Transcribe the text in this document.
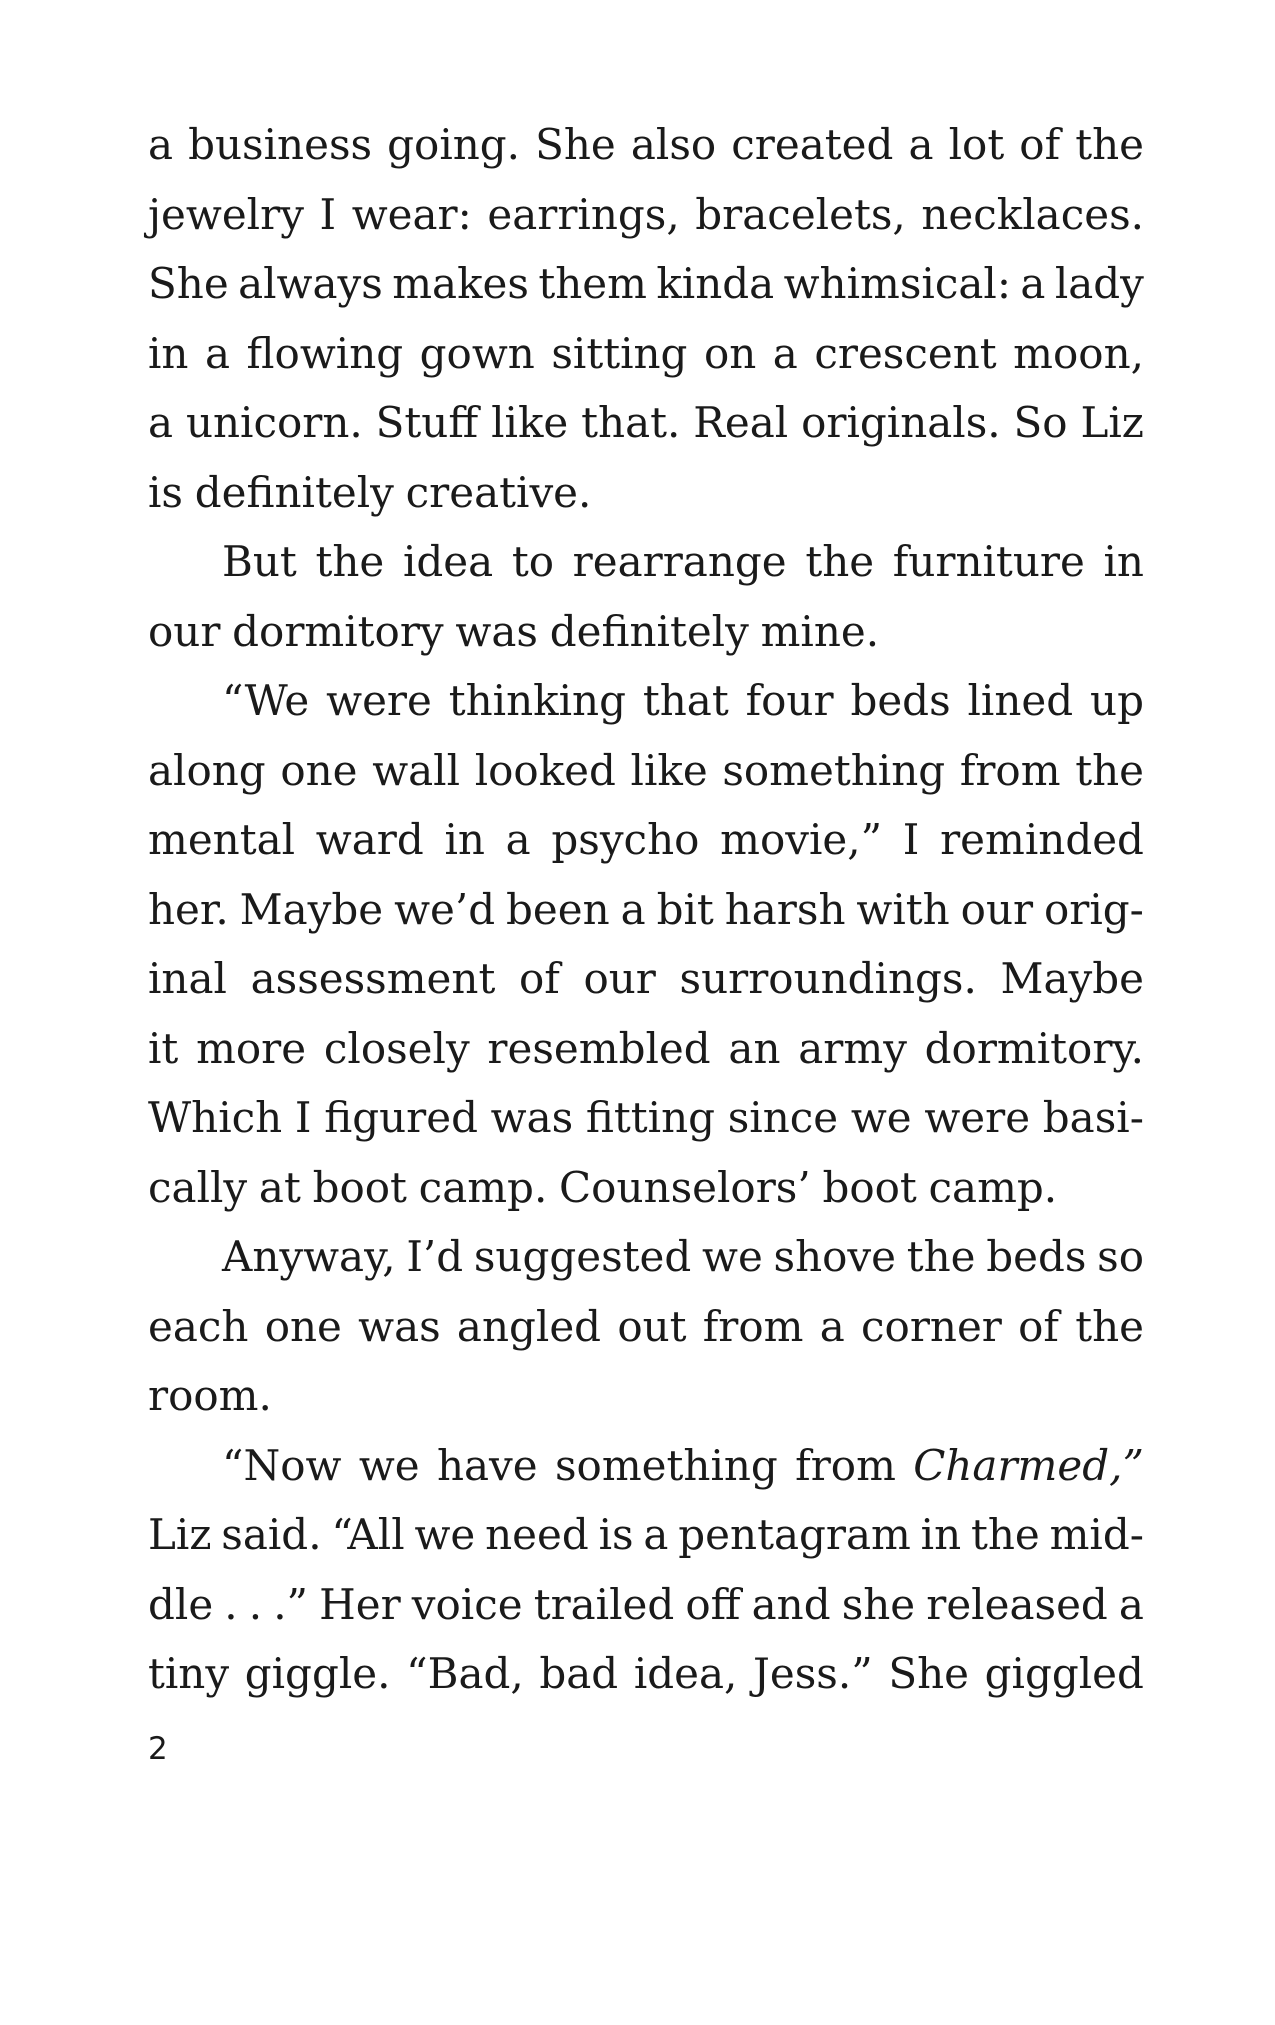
a business going. She also created a lot of the
jewelry I wear: earrings, bracelets, necklaces.
She always makes them kinda whimsical: a lady
in a flowing gown sitting on a crescent moon,
a unicorn. Stuff like that. Real originals. So Liz
is definitely creative.
But the idea to rearrange the furniture in
our dormitory was definitely mine.
“We were thinking that four beds lined up
along one wall looked like something from the
mental ward in a psycho movie,” I reminded
her. Maybe we’d been a bit harsh with our orig-
inal assessment of our surroundings. Maybe
it more closely resembled an army dormitory.
Which I figured was fitting since we were basi-
cally at boot camp. Counselors’ boot camp.
Anyway, I’d suggested we shove the beds so
each one was angled out from a corner of the
room.
“Now we have something from Charmed,”
Liz said. “All we need is a pentagram in the mid-
dle . . .” Her voice trailed off and she released a
tiny giggle. “Bad, bad idea, Jess.” She giggled
2
